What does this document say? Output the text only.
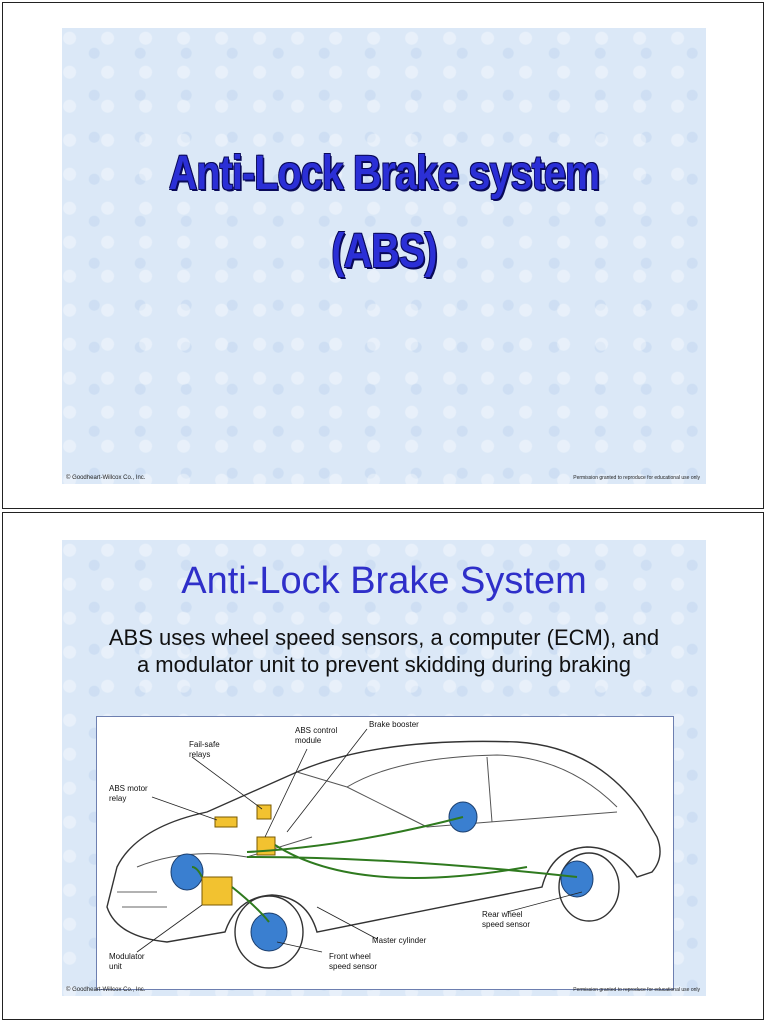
Anti-Lock Brake system
(ABS)
© Goodheart-Willcox Co., Inc.	Permission granted to reproduce for educational use only
Anti-Lock Brake System
ABS uses wheel speed sensors, a computer (ECM), and a modulator unit to prevent skidding during braking
ABS control
module
Brake booster
Fail-safe
relays
ABS motor
relay
Rear wheel
speed sensor
Master cylinder
Modulator
unit
Front wheel
speed sensor
© Goodheart-Willcox Co., Inc.	Permission granted to reproduce for educational use only
